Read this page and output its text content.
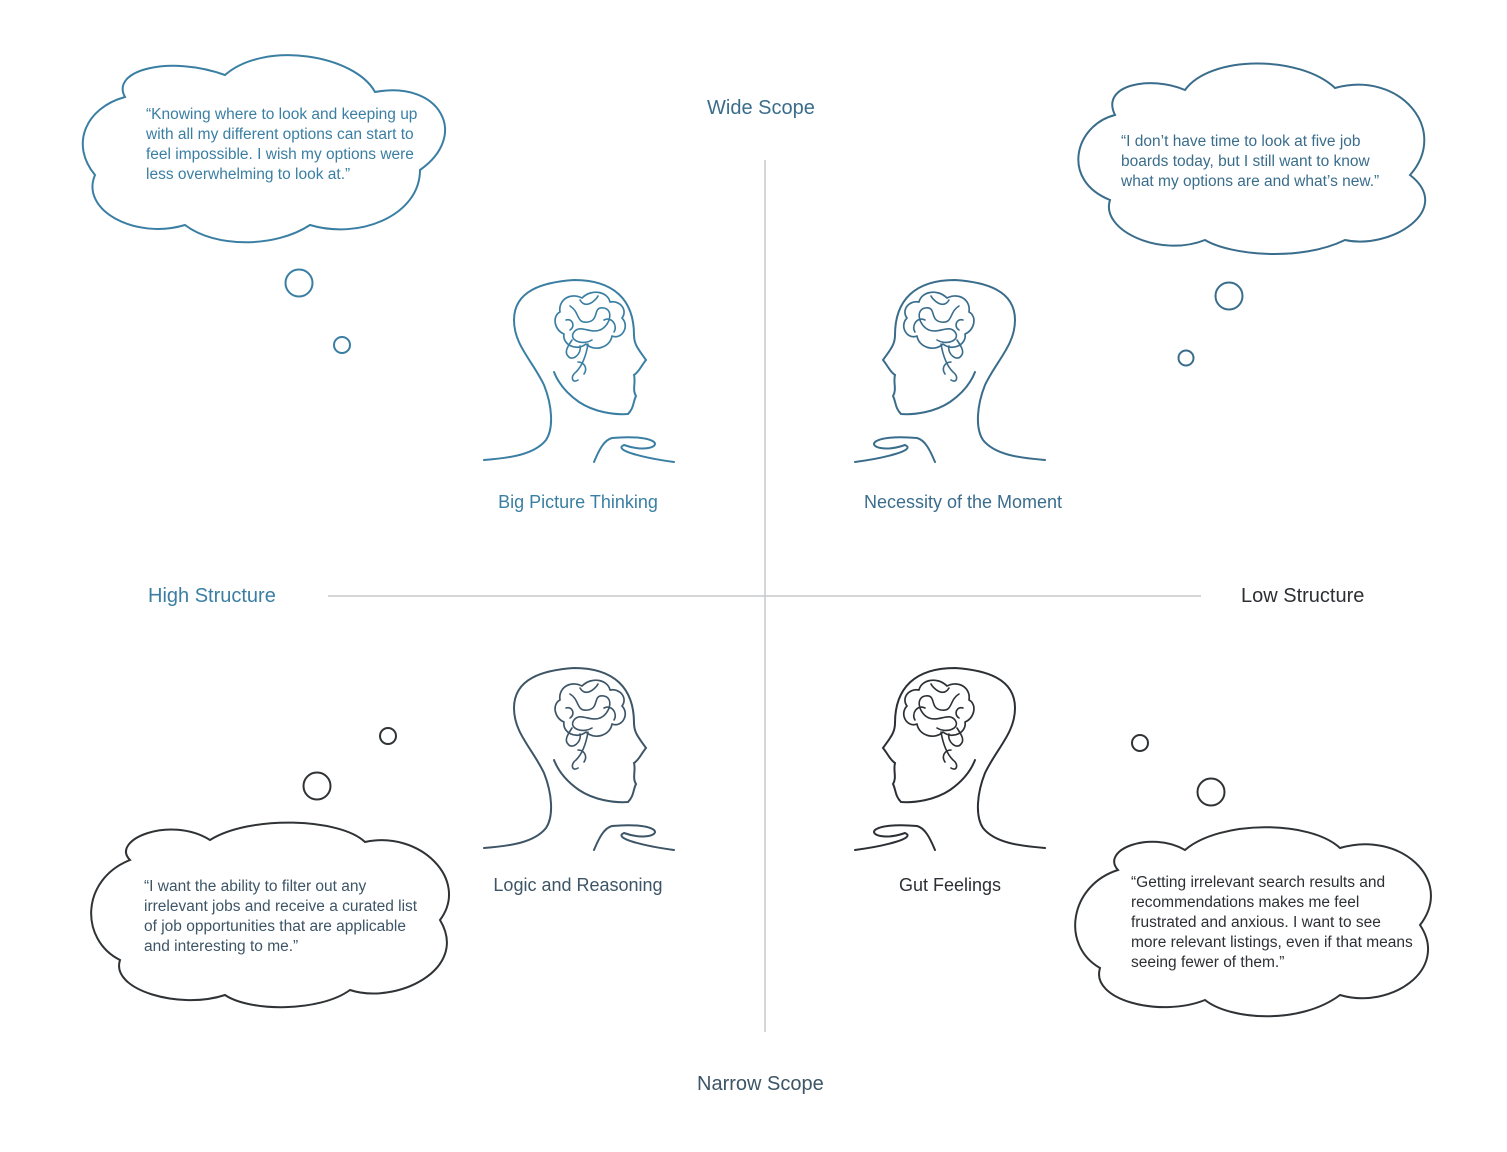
Wide Scope
Narrow Scope
High Structure	Low Structure
Big Picture Thinking	Necessity of the Moment
Logic and Reasoning	Gut Feelings

“Knowing where to look and keeping up with all my different options can start to feel impossible. I wish my options were less overwhelming to look at.”

“I don’t have time to look at five job boards today, but I still want to know what my options are and what’s new.”

“I want the ability to filter out any irrelevant jobs and receive a curated list of job opportunities that are applicable and interesting to me.”

“Getting irrelevant search results and recommendations makes me feel frustrated and anxious. I want to see more relevant listings, even if that means seeing fewer of them.”
